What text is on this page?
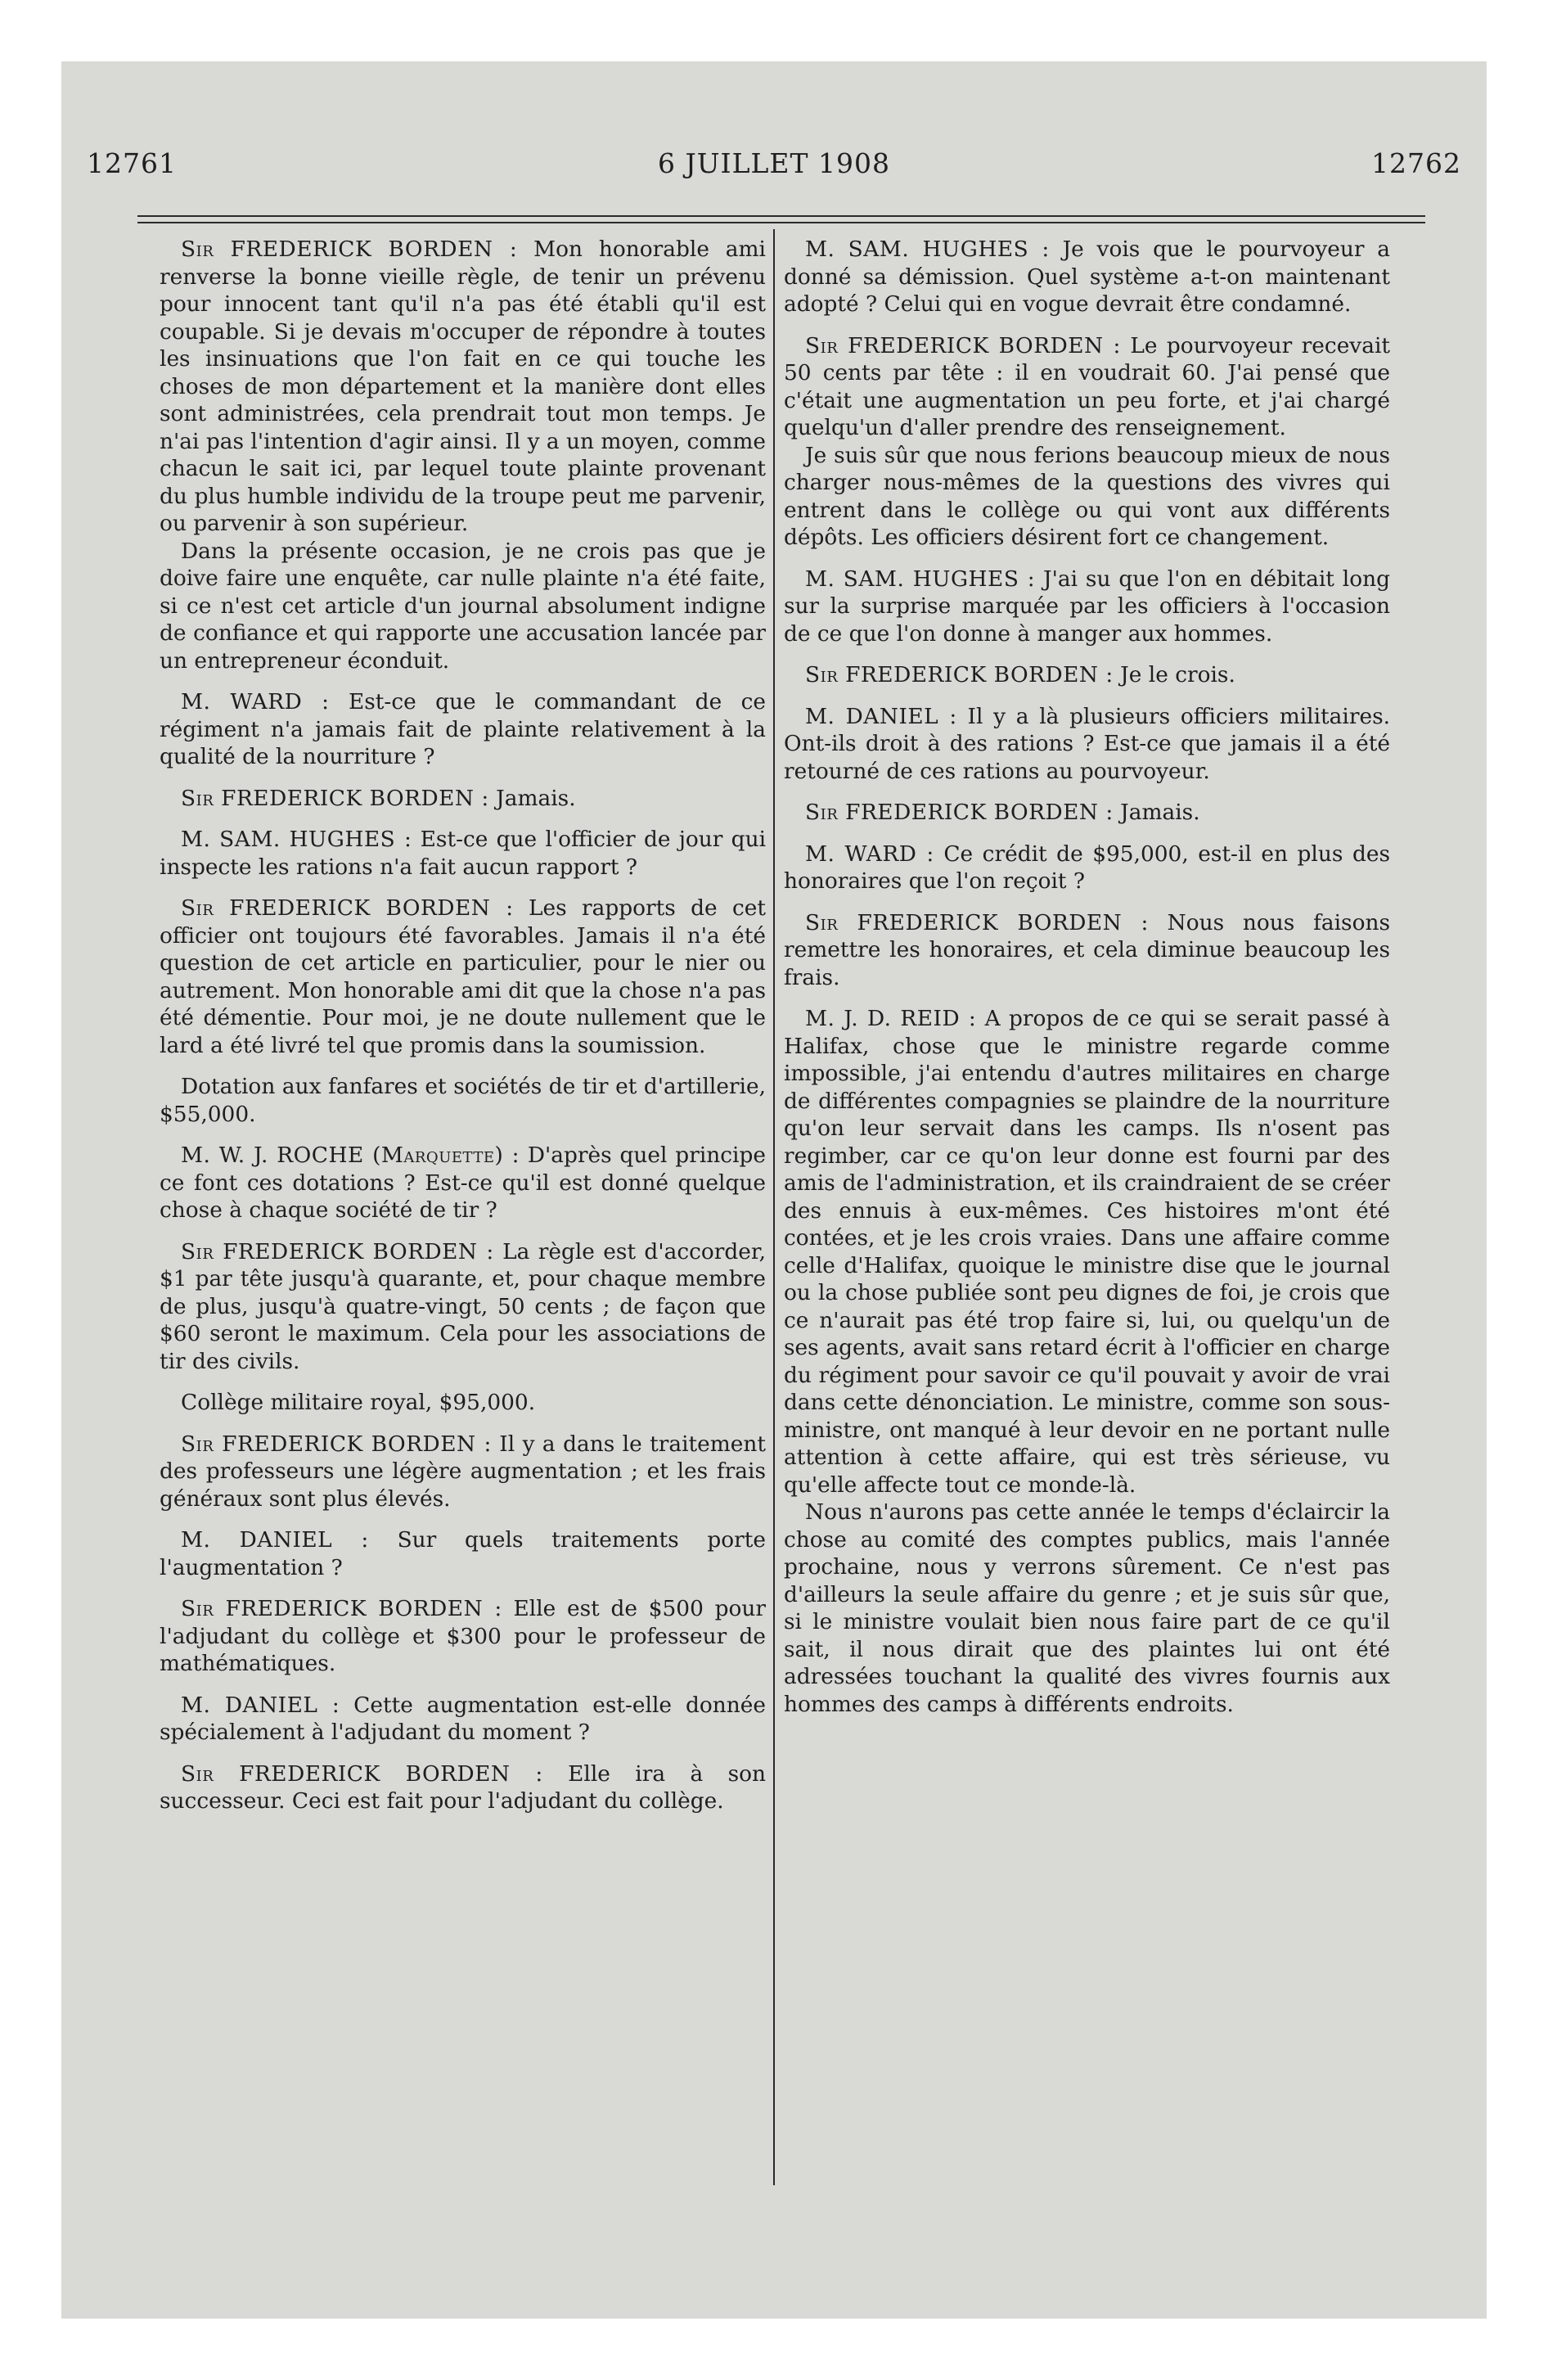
12761	6 JUILLET 1908	12762

Sir FREDERICK BORDEN : Mon honorable ami renverse la bonne vieille règle, de tenir un prévenu pour innocent tant qu'il n'a pas été établi qu'il est coupable. Si je devais m'occuper de répondre à toutes les insinuations que l'on fait en ce qui touche les choses de mon département et la manière dont elles sont administrées, cela prendrait tout mon temps. Je n'ai pas l'intention d'agir ainsi. Il y a un moyen, comme chacun le sait ici, par lequel toute plainte provenant du plus humble individu de la troupe peut me parvenir, ou parvenir à son supérieur.

Dans la présente occasion, je ne crois pas que je doive faire une enquête, car nulle plainte n'a été faite, si ce n'est cet article d'un journal absolument indigne de confiance et qui rapporte une accusation lancée par un entrepreneur éconduit.

M. WARD : Est-ce que le commandant de ce régiment n'a jamais fait de plainte relativement à la qualité de la nourriture ?

Sir FREDERICK BORDEN : Jamais.

M. SAM. HUGHES : Est-ce que l'officier de jour qui inspecte les rations n'a fait aucun rapport ?

Sir FREDERICK BORDEN : Les rapports de cet officier ont toujours été favorables. Jamais il n'a été question de cet article en particulier, pour le nier ou autrement. Mon honorable ami dit que la chose n'a pas été démentie. Pour moi, je ne doute nullement que le lard a été livré tel que promis dans la soumission.

Dotation aux fanfares et sociétés de tir et d'artillerie, $55,000.

M. W. J. ROCHE (Marquette) : D'après quel principe ce font ces dotations ? Est-ce qu'il est donné quelque chose à chaque société de tir ?

Sir FREDERICK BORDEN : La règle est d'accorder, $1 par tête jusqu'à quarante, et, pour chaque membre de plus, jusqu'à quatre-vingt, 50 cents ; de façon que $60 seront le maximum. Cela pour les associations de tir des civils.

Collège militaire royal, $95,000.

Sir FREDERICK BORDEN : Il y a dans le traitement des professeurs une légère augmentation ; et les frais généraux sont plus élevés.

M. DANIEL : Sur quels traitements porte l'augmentation ?

Sir FREDERICK BORDEN : Elle est de $500 pour l'adjudant du collège et $300 pour le professeur de mathématiques.

M. DANIEL : Cette augmentation est-elle donnée spécialement à l'adjudant du moment ?

Sir FREDERICK BORDEN : Elle ira à son successeur. Ceci est fait pour l'adjudant du collège.

M. SAM. HUGHES : Je vois que le pourvoyeur a donné sa démission. Quel système a-t-on maintenant adopté ? Celui qui en vogue devrait être condamné.

Sir FREDERICK BORDEN : Le pourvoyeur recevait 50 cents par tête : il en voudrait 60. J'ai pensé que c'était une augmentation un peu forte, et j'ai chargé quelqu'un d'aller prendre des renseignement.

Je suis sûr que nous ferions beaucoup mieux de nous charger nous-mêmes de la questions des vivres qui entrent dans le collège ou qui vont aux différents dépôts. Les officiers désirent fort ce changement.

M. SAM. HUGHES : J'ai su que l'on en débitait long sur la surprise marquée par les officiers à l'occasion de ce que l'on donne à manger aux hommes.

Sir FREDERICK BORDEN : Je le crois.

M. DANIEL : Il y a là plusieurs officiers militaires. Ont-ils droit à des rations ? Est-ce que jamais il a été retourné de ces rations au pourvoyeur.

Sir FREDERICK BORDEN : Jamais.

M. WARD : Ce crédit de $95,000, est-il en plus des honoraires que l'on reçoit ?

Sir FREDERICK BORDEN : Nous nous faisons remettre les honoraires, et cela diminue beaucoup les frais.

M. J. D. REID : A propos de ce qui se serait passé à Halifax, chose que le ministre regarde comme impossible, j'ai entendu d'autres militaires en charge de différentes compagnies se plaindre de la nourriture qu'on leur servait dans les camps. Ils n'osent pas regimber, car ce qu'on leur donne est fourni par des amis de l'administration, et ils craindraient de se créer des ennuis à eux-mêmes. Ces histoires m'ont été contées, et je les crois vraies. Dans une affaire comme celle d'Halifax, quoique le ministre dise que le journal ou la chose publiée sont peu dignes de foi, je crois que ce n'aurait pas été trop faire si, lui, ou quelqu'un de ses agents, avait sans retard écrit à l'officier en charge du régiment pour savoir ce qu'il pouvait y avoir de vrai dans cette dénonciation. Le ministre, comme son sous-ministre, ont manqué à leur devoir en ne portant nulle attention à cette affaire, qui est très sérieuse, vu qu'elle affecte tout ce monde-là.

Nous n'aurons pas cette année le temps d'éclaircir la chose au comité des comptes publics, mais l'année prochaine, nous y verrons sûrement. Ce n'est pas d'ailleurs la seule affaire du genre ; et je suis sûr que, si le ministre voulait bien nous faire part de ce qu'il sait, il nous dirait que des plaintes lui ont été adressées touchant la qualité des vivres fournis aux hommes des camps à différents endroits.
